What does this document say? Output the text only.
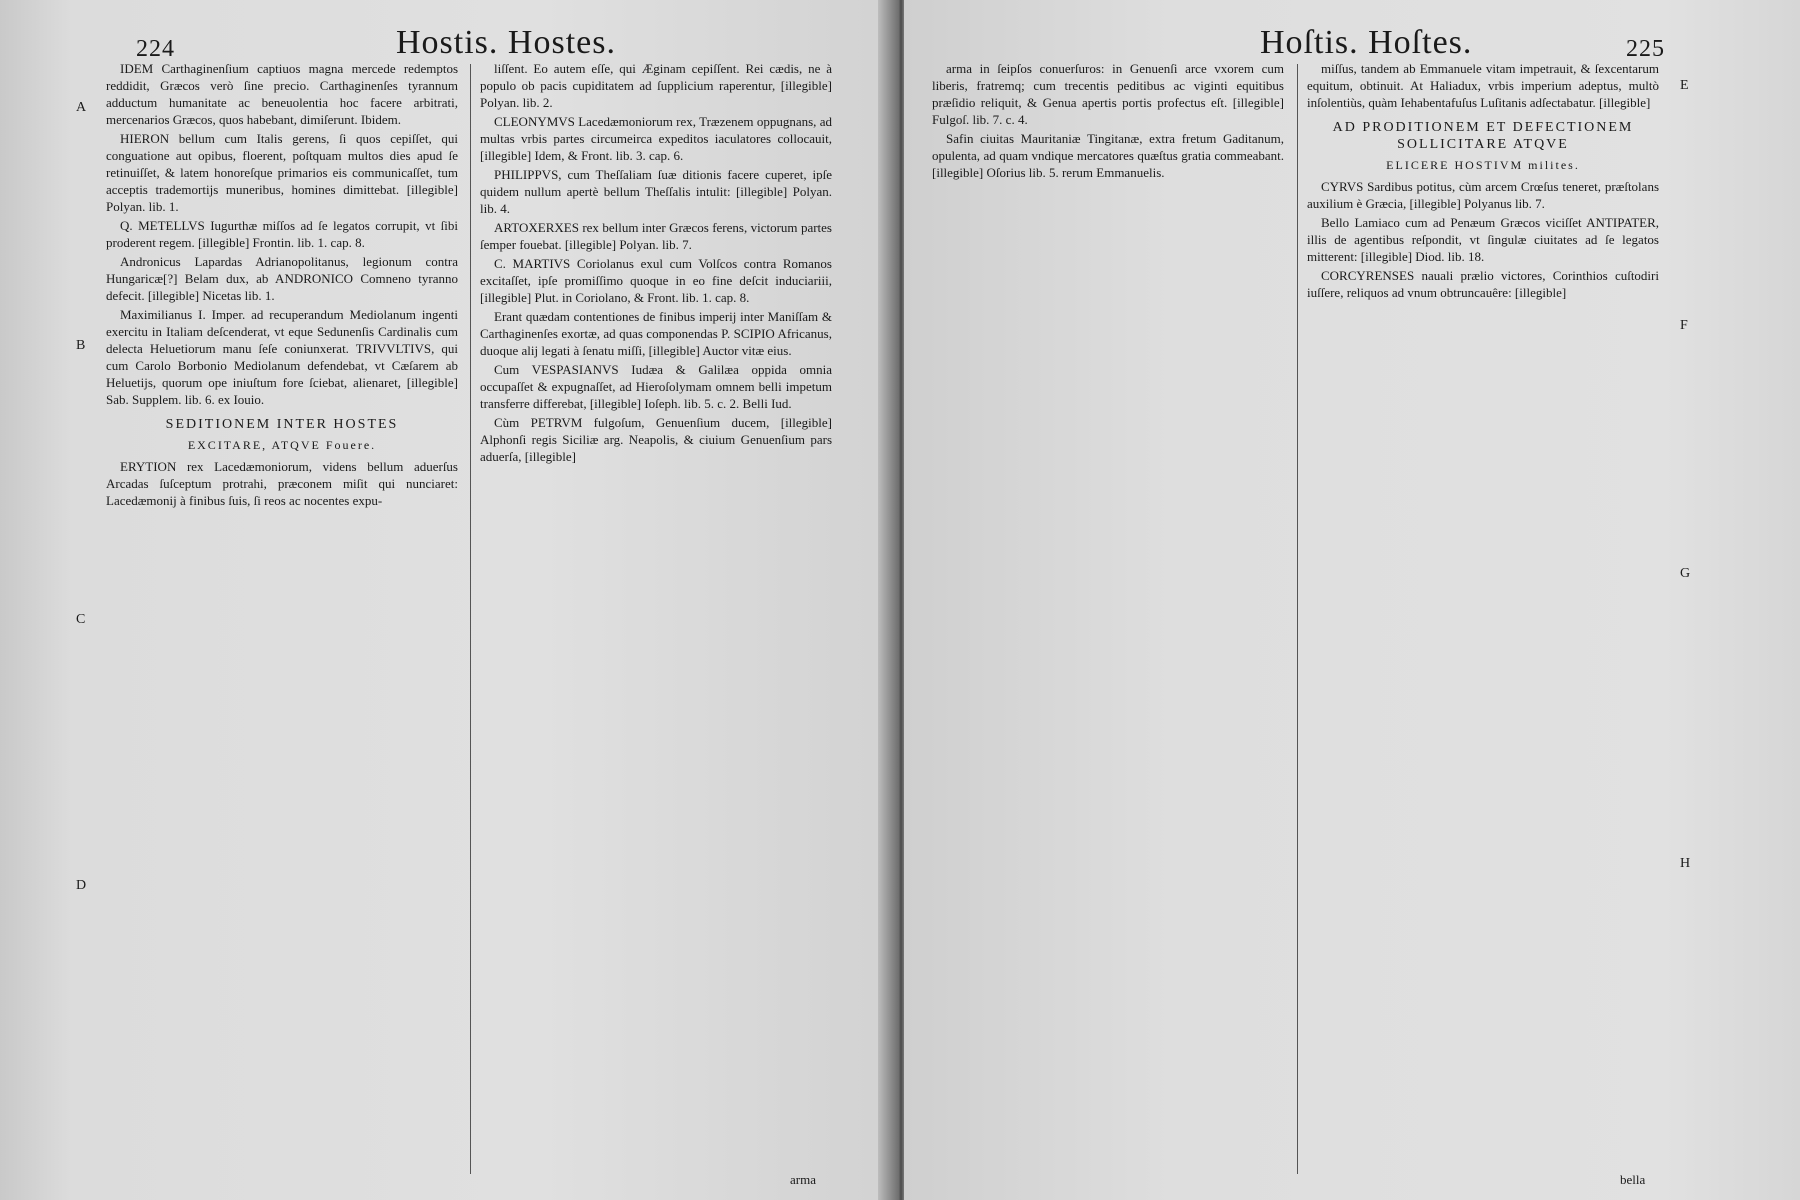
224	Hostis. Hostes.
A
B
C
D

IDEM Carthaginenſium captiuos magna mercede redemptos reddidit, Græcos verò ſine precio. Carthaginenſes tyrannum adductum humanitate ac beneuolentia hoc facere arbitrati, mercenarios Græcos, quos habebant, dimiſerunt. Ibidem.

HIERON bellum cum Italis gerens, ſi quos cepiſſet, qui conguatione aut opibus, floerent, poſtquam multos dies apud ſe retinuiſſet, & latem honoreſque primarios eis communicaſſet, tum acceptis trademortijs muneribus, homines dimittebat. [illegible] Polyan. lib. 1.

Q. METELLVS Iugurthæ miſſos ad ſe legatos corrupit, vt ſibi proderent regem. [illegible] Frontin. lib. 1. cap. 8.

Andronicus Lapardas Adrianopolitanus, legionum contra Hungaricæ[?] Belam dux, ab ANDRONICO Comneno tyranno defecit. [illegible] Nicetas lib. 1.

Maximilianus I. Imper. ad recuperandum Mediolanum ingenti exercitu in Italiam deſcenderat, vt eque Sedunenſis Cardinalis cum delecta Heluetiorum manu ſeſe coniunxerat. TRIVVLTIVS, qui cum Carolo Borbonio Mediolanum defendebat, vt Cæſarem ab Heluetijs, quorum ope iniuſtum fore ſciebat, alienaret, [illegible] Sab. Supplem. lib. 6. ex Iouio.

SEDITIONEM INTER HOSTES

EXCITARE, ATQVE Fouere.

ERYTION rex Lacedæmoniorum, videns bellum aduerſus Arcadas ſuſceptum protrahi, præconem miſit qui nunciaret: Lacedæmonij à finibus ſuis, ſi reos ac nocentes expu-

liſſent. Eo autem eſſe, qui Æginam cepiſſent. Rei cædis, ne à populo ob pacis cupiditatem ad ſupplicium raperentur, [illegible] Polyan. lib. 2.

CLEONYMVS Lacedæmoniorum rex, Træzenem oppugnans, ad multas vrbis partes circumeirca expeditos iaculatores collocauit, [illegible] Idem, & Front. lib. 3. cap. 6.

PHILIPPVS, cum Theſſaliam ſuæ ditionis facere cuperet, ipſe quidem nullum apertè bellum Theſſalis intulit: [illegible] Polyan. lib. 4.

ARTOXERXES rex bellum inter Græcos ferens, victorum partes ſemper fouebat. [illegible] Polyan. lib. 7.

C. MARTIVS Coriolanus exul cum Volſcos contra Romanos excitaſſet, ipſe promiſſimo quoque in eo fine deſcit induciariii, [illegible] Plut. in Coriolano, & Front. lib. 1. cap. 8.

Erant quædam contentiones de finibus imperij inter Maniſſam & Carthaginenſes exortæ, ad quas componendas P. SCIPIO Africanus, duoque alij legati à ſenatu miſſi, [illegible] Auctor vitæ eius.

Cum VESPASIANVS Iudæa & Galilæa oppida omnia occupaſſet & expugnaſſet, ad Hieroſolymam omnem belli impetum transferre differebat, [illegible] Ioſeph. lib. 5. c. 2. Belli Iud.

Cùm PETRVM fulgoſum, Genuenſium ducem, [illegible] Alphonſi regis Siciliæ arg. Neapolis, & ciuium Genuenſium pars aduerſa, [illegible]

arma
Hoſtis. Hoſtes.	225

arma in ſeipſos conuerſuros: in Genuenſi arce vxorem cum liberis, fratremq; cum trecentis peditibus ac viginti equitibus præſidio reliquit, & Genua apertis portis profectus eſt. [illegible] Fulgoſ. lib. 7. c. 4.

Safin ciuitas Mauritaniæ Tingitanæ, extra fretum Gaditanum, opulenta, ad quam vndique mercatores quæſtus gratia commeabant. [illegible] Oſorius lib. 5. rerum Emmanuelis.

miſſus, tandem ab Emmanuele vitam impetrauit, & ſexcentarum equitum, obtinuit. At Haliadux, vrbis imperium adeptus, multò inſolentiùs, quàm Iehabentafuſus Luſitanis adſectabatur. [illegible]

AD PRODITIONEM ET DEFECTIONEM SOLLICITARE ATQVE

ELICERE HOSTIVM milites.

CYRVS Sardibus potitus, cùm arcem Crœſus teneret, præſtolans auxilium è Græcia, [illegible] Polyanus lib. 7.

Bello Lamiaco cum ad Penæum Græcos viciſſet ANTIPATER, illis de agentibus reſpondit, vt ſingulæ ciuitates ad ſe legatos mitterent: [illegible] Diod. lib. 18.

CORCYRENSES nauali prælio victores, Corinthios cuſtodiri iuſſere, reliquos ad vnum obtruncauêre: [illegible]

bella
E
F
G
H
